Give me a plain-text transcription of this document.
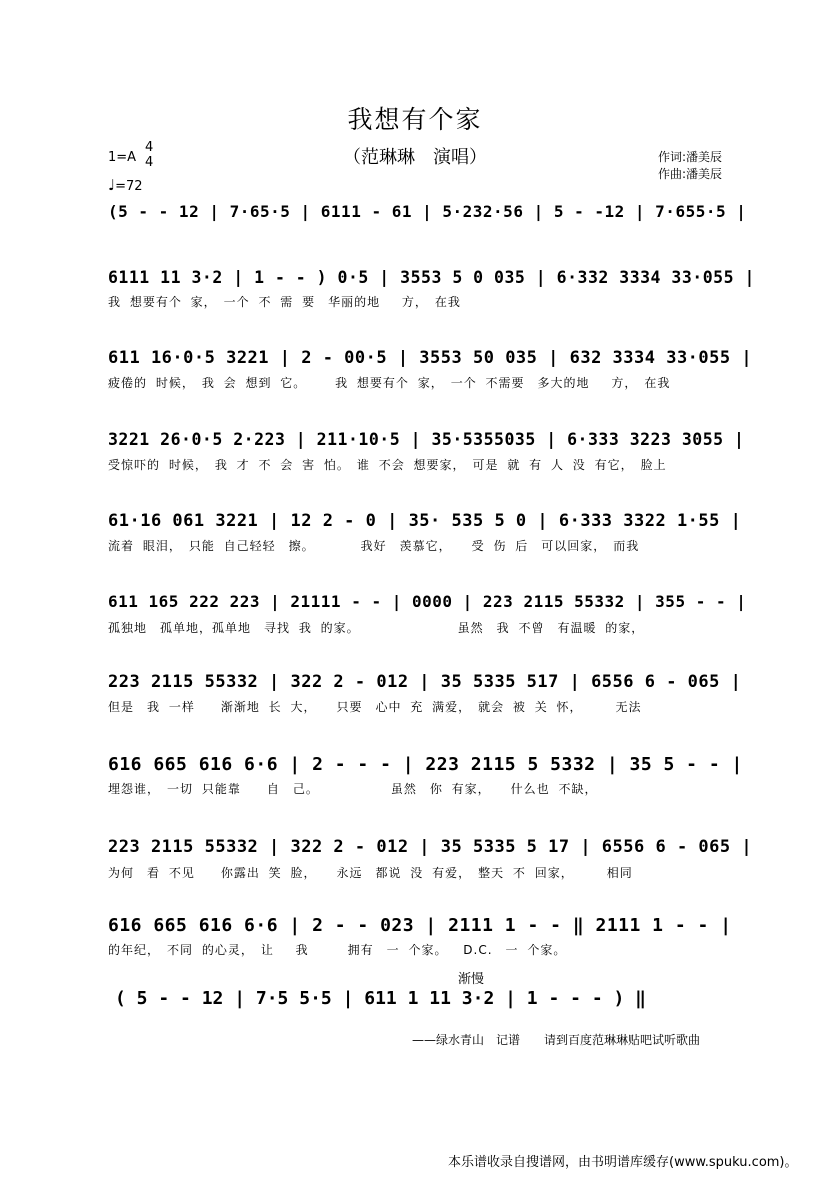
我想有个家
（范琳琳　演唱）
1=A
4
4
♩=72
作词:潘美辰
作曲:潘美辰
(5 - - 12 | 7·65·5 | 6111 - 61 | 5·232·56 | 5 - -12 | 7·655·5 |
6111 11 3·2 | 1 - - ) 0·5 | 3553 5 0 035 | 6·332 3334 33·055 |
我 想要有个 家，　一个 不 需 要　华丽的地　 方，　在我
611 16·0·5 3221 | 2 - 00·5 | 3553 50 035 | 632 3334 33·055 |
疲倦的 时候，　我 会 想到 它。　　 我 想要有个 家，　一个 不需要　多大的地　 方，　在我
3221 26·0·5 2·223 | 211·10·5 | 35·5355035 | 6·333 3223 3055 |
受惊吓的 时候，　我 才 不 会 害 怕。　谁 不会 想要家，　可是 就 有 人 没 有它，　脸上
61·16 061 3221 | 12 2 - 0 | 35· 535 5 0 | 6·333 3322 1·55 |
流着 眼泪，　只能 自己轻轻　擦。　　　　我好　羡慕它，　　受 伤 后　可以回家，　而我
611 165 222 223 | 21111 - - | 0000 | 223 2115 55332 | 355 - - |
孤独地　孤单地，孤单地　寻找 我 的家。　　　　　　　　虽然　我 不曾　有温暖 的家，
223 2115 55332 | 322 2 - 012 | 35 5335 517 | 6556 6 - 065 |
但是　我 一样　　渐渐地 长 大，　　只要　心中 充 满爱，　就会 被 关 怀，　　　无法
616 665 616 6·6 | 2 - - - | 223 2115 5 5332 | 35 5 - - |
埋怨谁，　一切 只能靠　　自　己。　　　　　　虽然　你 有家，　　什么也 不缺，
223 2115 55332 | 322 2 - 012 | 35 5335 5 17 | 6556 6 - 065 |
为何　看 不见　　你露出 笑 脸，　　永远　都说 没 有爱，　整天 不 回家，　　　相同
616 665 616 6·6 | 2 - - 023 | 2111 1 - - ‖ 2111 1 - - |
的年纪，　不同 的心灵，　让　 我　　　拥有　一 个家。　 D.C.　一 个家。
渐慢
( 5 - - 12 | 7·5 5·5 | 611 1 11 3·2 | 1 - - - ) ‖
——绿水青山　记谱　　请到百度范琳琳贴吧试听歌曲
本乐谱收录自搜谱网，由书明谱库缓存(www.spuku.com)。
